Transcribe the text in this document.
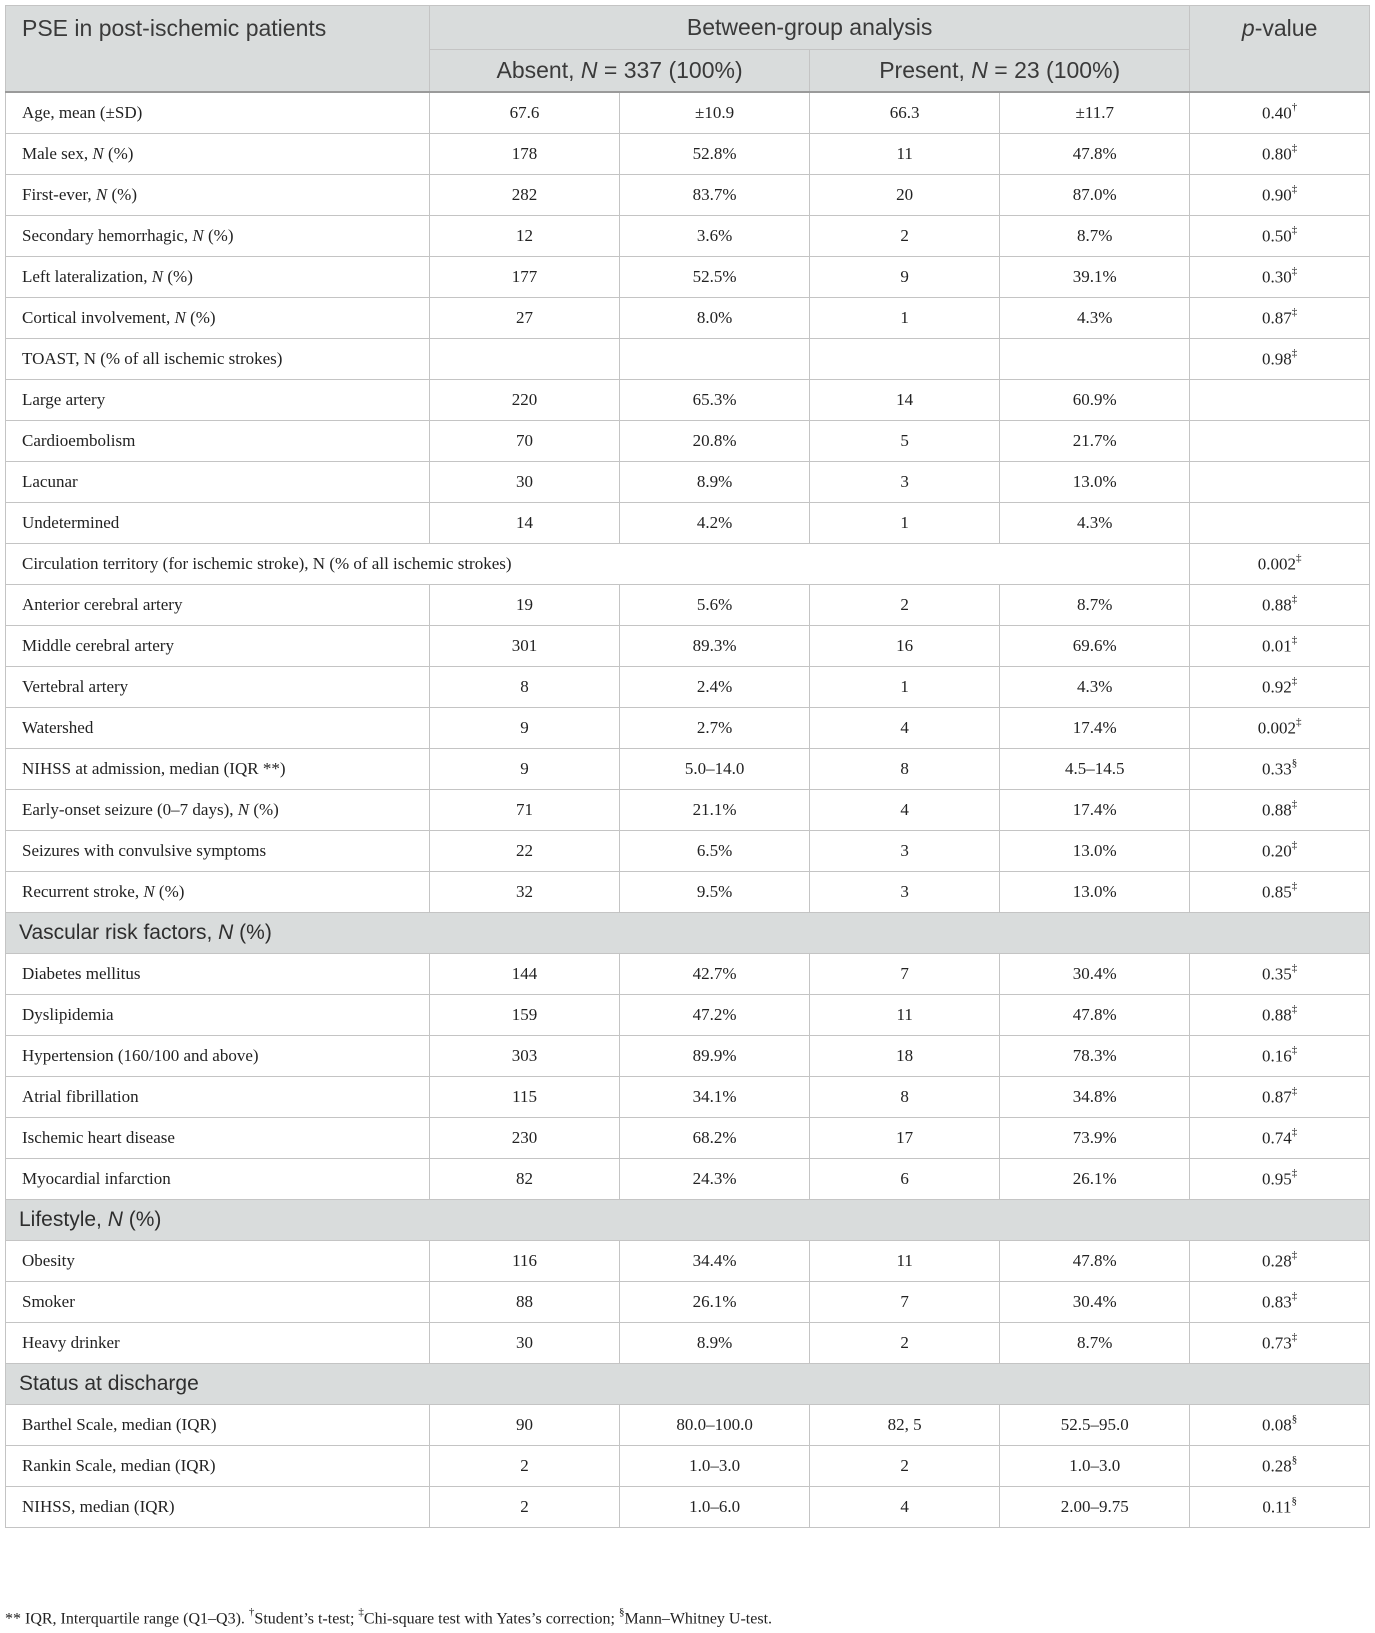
PSE in post-ischemic patients	Between-group analysis				p-value
	Absent, N = 337 (100%)		Present, N = 23 (100%)		
Age, mean (±SD)	67.6	±10.9	66.3	±11.7	0.40†
Male sex, N (%)	178	52.8%	11	47.8%	0.80‡
First-ever, N (%)	282	83.7%	20	87.0%	0.90‡
Secondary hemorrhagic, N (%)	12	3.6%	2	8.7%	0.50‡
Left lateralization, N (%)	177	52.5%	9	39.1%	0.30‡
Cortical involvement, N (%)	27	8.0%	1	4.3%	0.87‡
TOAST, N (% of all ischemic strokes)					0.98‡
Large artery	220	65.3%	14	60.9%	
Cardioembolism	70	20.8%	5	21.7%	
Lacunar	30	8.9%	3	13.0%	
Undetermined	14	4.2%	1	4.3%	
Circulation territory (for ischemic stroke), N (% of all ischemic strokes)					0.002‡
Anterior cerebral artery	19	5.6%	2	8.7%	0.88‡
Middle cerebral artery	301	89.3%	16	69.6%	0.01‡
Vertebral artery	8	2.4%	1	4.3%	0.92‡
Watershed	9	2.7%	4	17.4%	0.002‡
NIHSS at admission, median (IQR **)	9	5.0–14.0	8	4.5–14.5	0.33§
Early-onset seizure (0–7 days), N (%)	71	21.1%	4	17.4%	0.88‡
Seizures with convulsive symptoms	22	6.5%	3	13.0%	0.20‡
Recurrent stroke, N (%)	32	9.5%	3	13.0%	0.85‡
Vascular risk factors, N (%)					
Diabetes mellitus	144	42.7%	7	30.4%	0.35‡
Dyslipidemia	159	47.2%	11	47.8%	0.88‡
Hypertension (160/100 and above)	303	89.9%	18	78.3%	0.16‡
Atrial fibrillation	115	34.1%	8	34.8%	0.87‡
Ischemic heart disease	230	68.2%	17	73.9%	0.74‡
Myocardial infarction	82	24.3%	6	26.1%	0.95‡
Lifestyle, N (%)					
Obesity	116	34.4%	11	47.8%	0.28‡
Smoker	88	26.1%	7	30.4%	0.83‡
Heavy drinker	30	8.9%	2	8.7%	0.73‡
Status at discharge					
Barthel Scale, median (IQR)	90	80.0–100.0	82, 5	52.5–95.0	0.08§
Rankin Scale, median (IQR)	2	1.0–3.0	2	1.0–3.0	0.28§
NIHSS, median (IQR)	2	1.0–6.0	4	2.00–9.75	0.11§
** IQR, Interquartile range (Q1–Q3). †Student’s t-test; ‡Chi-square test with Yates’s correction; §Mann–Whitney U-test.
